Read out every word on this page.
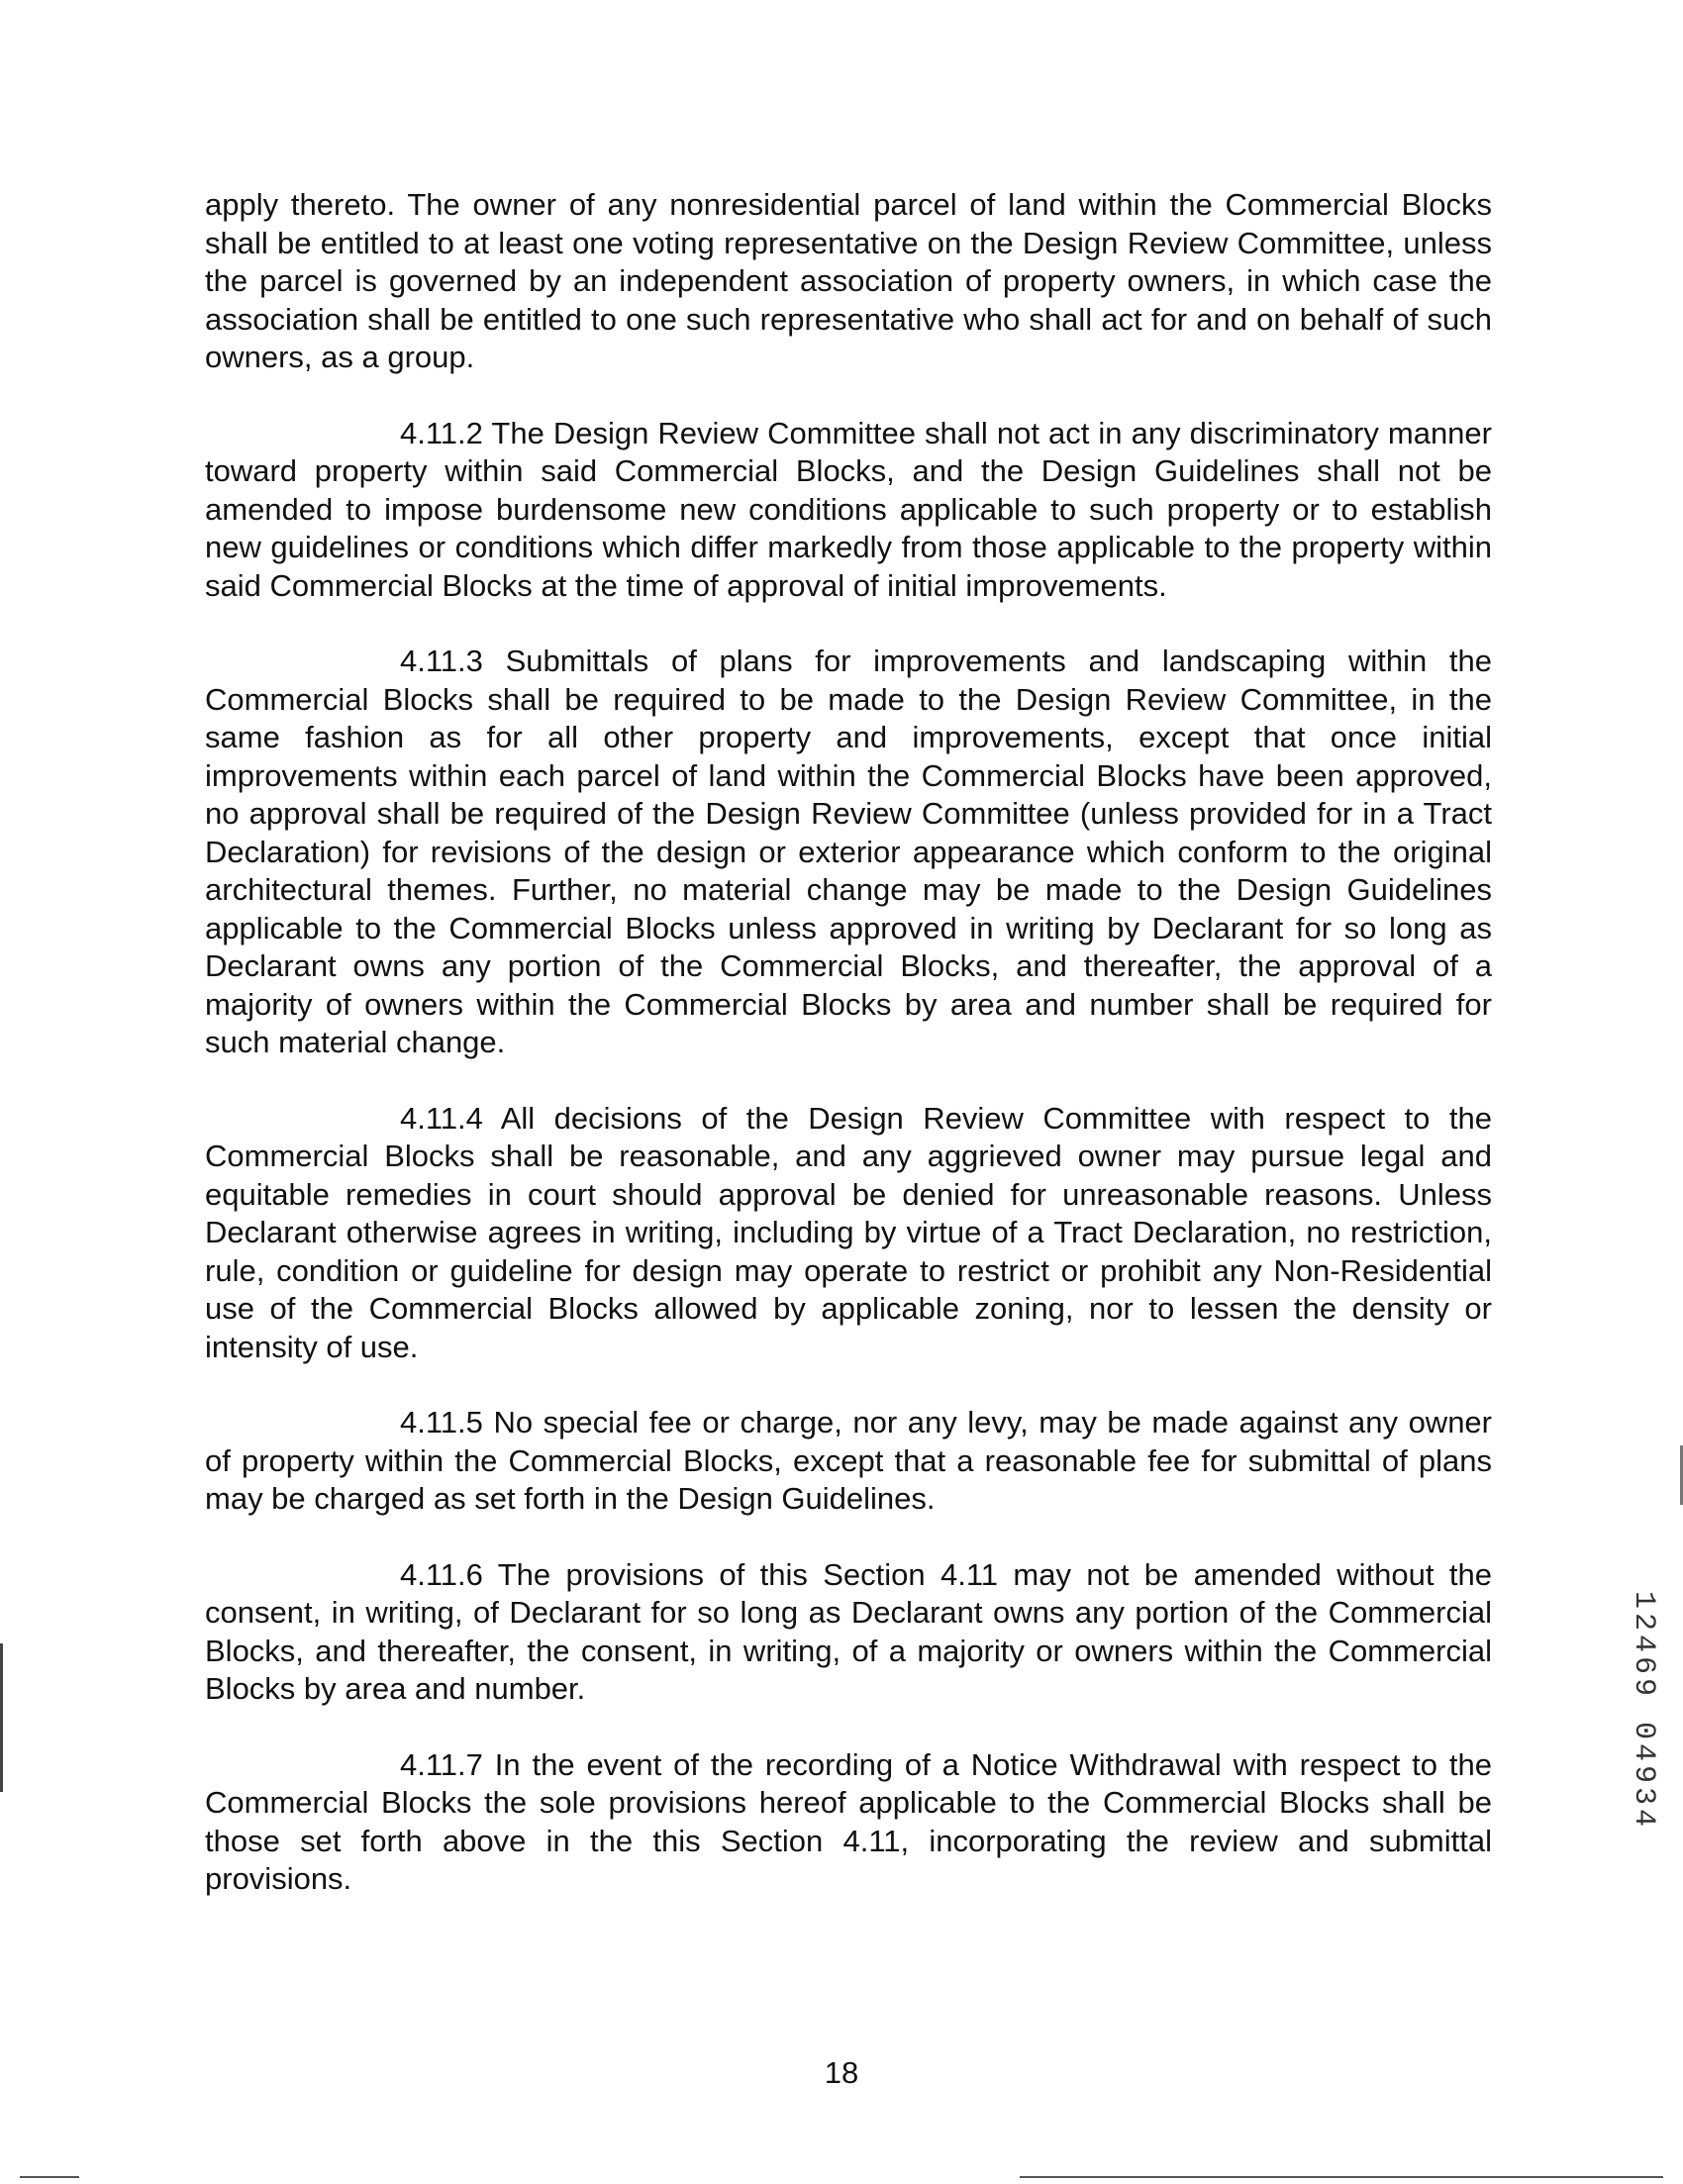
apply thereto. The owner of any nonresidential parcel of land within the Commercial Blocks shall be entitled to at least one voting representative on the Design Review Committee, unless the parcel is governed by an independent association of property owners, in which case the association shall be entitled to one such representative who shall act for and on behalf of such owners, as a group.

4.11.2 The Design Review Committee shall not act in any discriminatory manner toward property within said Commercial Blocks, and the Design Guidelines shall not be amended to impose burdensome new conditions applicable to such property or to establish new guidelines or conditions which differ markedly from those applicable to the property within said Commercial Blocks at the time of approval of initial improvements.

4.11.3 Submittals of plans for improvements and landscaping within the Commercial Blocks shall be required to be made to the Design Review Committee, in the same fashion as for all other property and improvements, except that once initial improvements within each parcel of land within the Commercial Blocks have been approved, no approval shall be required of the Design Review Committee (unless provided for in a Tract Declaration) for revisions of the design or exterior appearance which conform to the original architectural themes. Further, no material change may be made to the Design Guidelines applicable to the Commercial Blocks unless approved in writing by Declarant for so long as Declarant owns any portion of the Commercial Blocks, and thereafter, the approval of a majority of owners within the Commercial Blocks by area and number shall be required for such material change.

4.11.4 All decisions of the Design Review Committee with respect to the Commercial Blocks shall be reasonable, and any aggrieved owner may pursue legal and equitable remedies in court should approval be denied for unreasonable reasons. Unless Declarant otherwise agrees in writing, including by virtue of a Tract Declaration, no restriction, rule, condition or guideline for design may operate to restrict or prohibit any Non-Residential use of the Commercial Blocks allowed by applicable zoning, nor to lessen the density or intensity of use.

4.11.5 No special fee or charge, nor any levy, may be made against any owner of property within the Commercial Blocks, except that a reasonable fee for submittal of plans may be charged as set forth in the Design Guidelines.

4.11.6 The provisions of this Section 4.11 may not be amended without the consent, in writing, of Declarant for so long as Declarant owns any portion of the Commercial Blocks, and thereafter, the consent, in writing, of a majority or owners within the Commercial Blocks by area and number.

4.11.7 In the event of the recording of a Notice Withdrawal with respect to the Commercial Blocks the sole provisions hereof applicable to the Commercial Blocks shall be those set forth above in the this Section 4.11, incorporating the review and submittal provisions.

18
1
2
4
6
9
0
4
9
3
4
